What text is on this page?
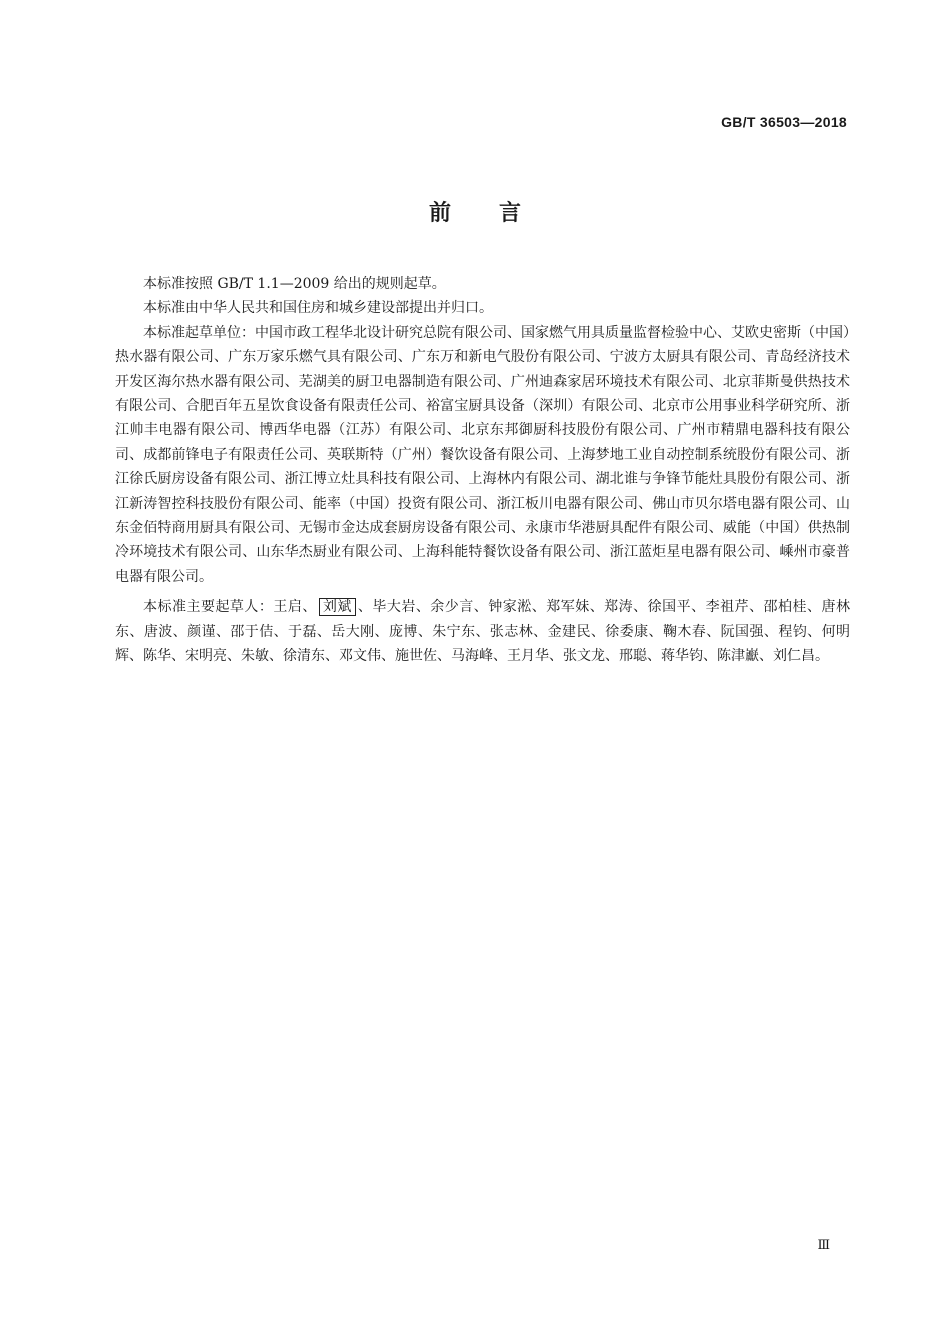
GB/T 36503—2018
前言

本标准按照 GB/T 1.1—2009 给出的规则起草。

本标准由中华人民共和国住房和城乡建设部提出并归口。

本标准起草单位：中国市政工程华北设计研究总院有限公司、国家燃气用具质量监督检验中心、艾欧史密斯（中国）热水器有限公司、广东万家乐燃气具有限公司、广东万和新电气股份有限公司、宁波方太厨具有限公司、青岛经济技术开发区海尔热水器有限公司、芜湖美的厨卫电器制造有限公司、广州迪森家居环境技术有限公司、北京菲斯曼供热技术有限公司、合肥百年五星饮食设备有限责任公司、裕富宝厨具设备（深圳）有限公司、北京市公用事业科学研究所、浙江帅丰电器有限公司、博西华电器（江苏）有限公司、北京东邦御厨科技股份有限公司、广州市精鼎电器科技有限公司、成都前锋电子有限责任公司、英联斯特（广州）餐饮设备有限公司、上海梦地工业自动控制系统股份有限公司、浙江徐氏厨房设备有限公司、浙江博立灶具科技有限公司、上海林内有限公司、湖北谁与争锋节能灶具股份有限公司、浙江新涛智控科技股份有限公司、能率（中国）投资有限公司、浙江板川电器有限公司、佛山市贝尔塔电器有限公司、山东金佰特商用厨具有限公司、无锡市金达成套厨房设备有限公司、永康市华港厨具配件有限公司、威能（中国）供热制冷环境技术有限公司、山东华杰厨业有限公司、上海科能特餐饮设备有限公司、浙江蓝炬星电器有限公司、嵊州市豪普电器有限公司。

本标准主要起草人：王启、 刘斌 、毕大岩、余少言、钟家淞、郑军妹、郑涛、徐国平、李祖芹、邵柏桂、唐林东、唐波、颜谨、邵于佶、于磊、岳大刚、庞博、朱宁东、张志林、金建民、徐委康、鞠木春、阮国强、程钧、何明辉、陈华、宋明亮、朱敏、徐清东、邓文伟、施世佐、马海峰、王月华、张文龙、邢聪、蒋华钧、陈津巚、刘仁昌。

Ⅲ
